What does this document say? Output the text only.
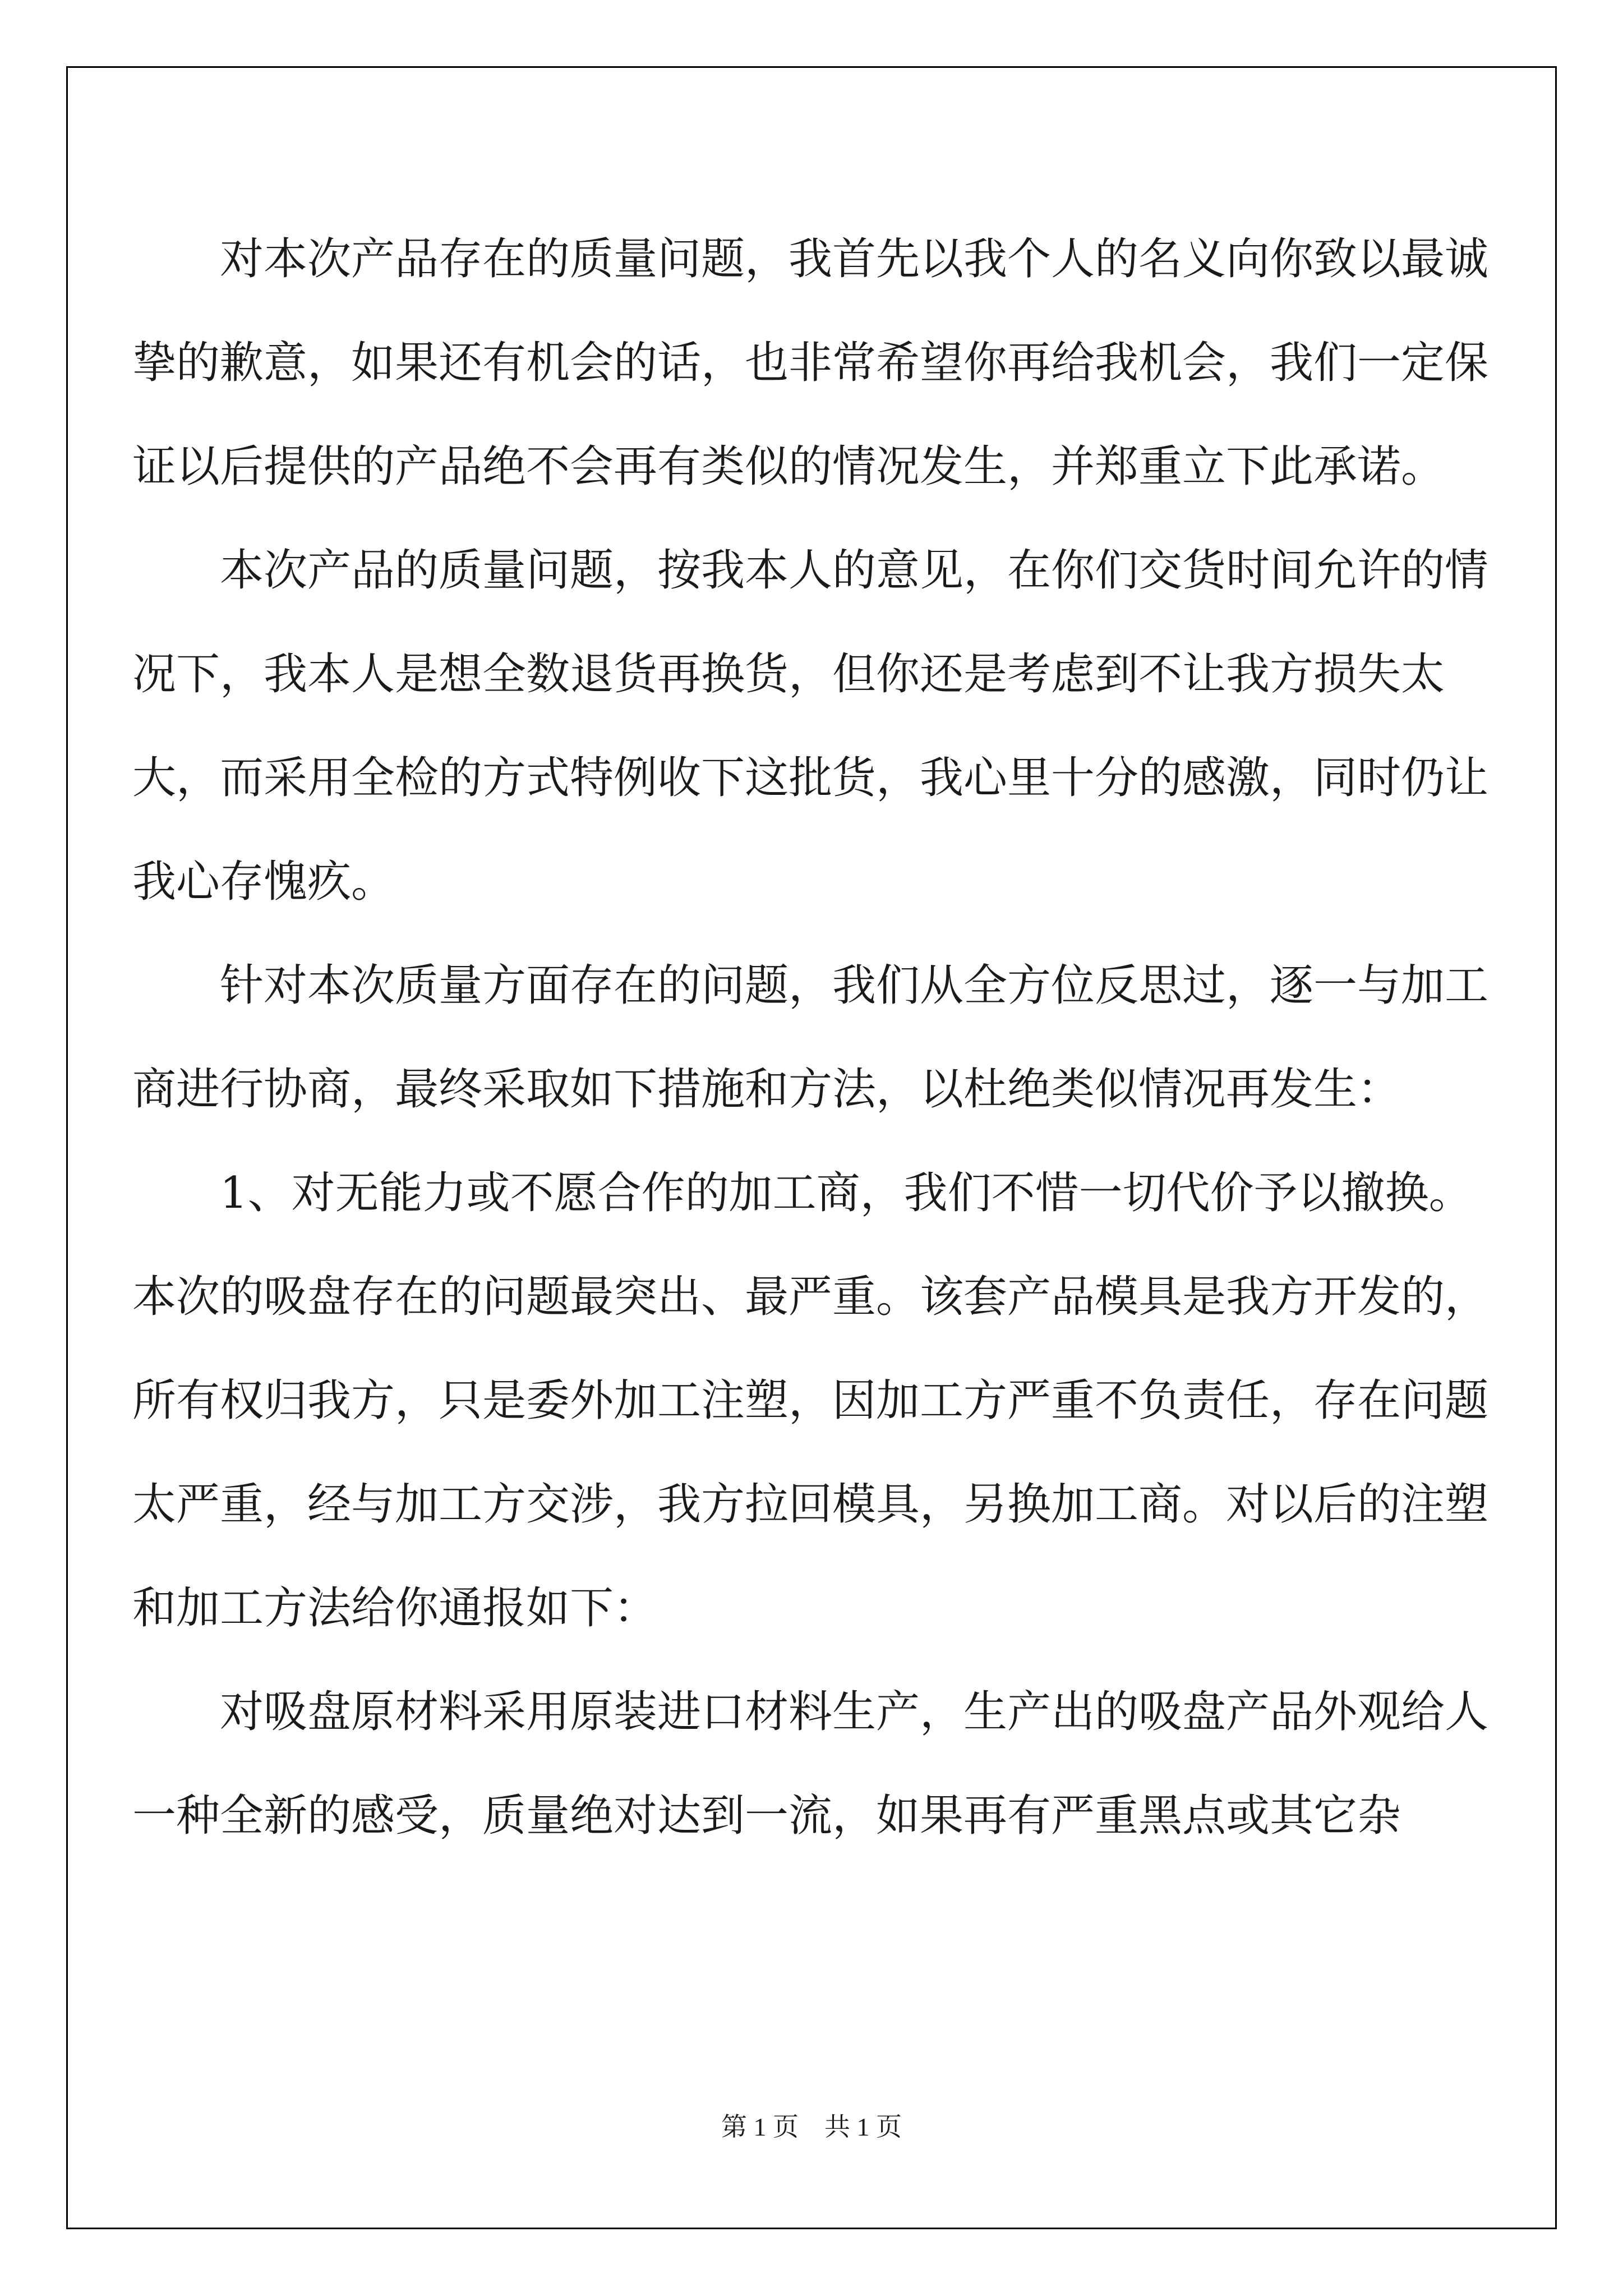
对本次产品存在的质量问题，我首先以我个人的名义向你致以最诚挚的歉意，如果还有机会的话，也非常希望你再给我机会，我们一定保证以后提供的产品绝不会再有类似的情况发生，并郑重立下此承诺。

本次产品的质量问题，按我本人的意见，在你们交货时间允许的情况下，我本人是想全数退货再换货，但你还是考虑到不让我方损失太大，而采用全检的方式特例收下这批货，我心里十分的感激，同时仍让我心存愧疚。

针对本次质量方面存在的问题，我们从全方位反思过，逐一与加工商进行协商，最终采取如下措施和方法，以杜绝类似情况再发生：

1、对无能力或不愿合作的加工商，我们不惜一切代价予以撤换。本次的吸盘存在的问题最突出、最严重。该套产品模具是我方开发的，所有权归我方，只是委外加工注塑，因加工方严重不负责任，存在问题太严重，经与加工方交涉，我方拉回模具，另换加工商。对以后的注塑和加工方法给你通报如下：

对吸盘原材料采用原装进口材料生产，生产出的吸盘产品外观给人一种全新的感受，质量绝对达到一流，如果再有严重黑点或其它杂

第 1 页    共 1 页
